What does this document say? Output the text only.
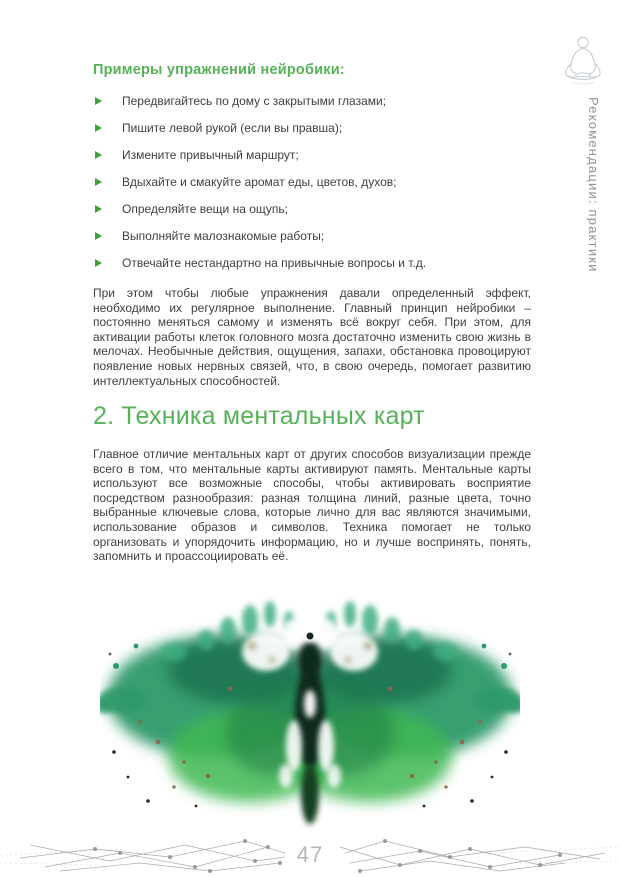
Примеры упражнений нейробики:
Передвигайтесь по дому с закрытыми глазами;
Пишите левой рукой (если вы правша);
Измените привычный маршрут;
Вдыхайте и смакуйте аромат еды, цветов, духов;
Определяйте вещи на ощупь;
Выполняйте малознакомые работы;
Отвечайте нестандартно на привычные вопросы и т.д.

При этом чтобы любые упражнения давали определенный эффект, необходимо их регулярное выполнение. Главный принцип нейробики – постоянно меняться самому и изменять всё вокруг себя. При этом, для активации работы клеток головного мозга достаточно изменить свою жизнь в мелочах. Необычные действия, ощущения, запахи, обстановка провоцируют появление новых нервных связей, что, в свою очередь, помогает развитию интеллектуальных способностей.

2. Техника ментальных карт

Главное отличие ментальных карт от других способов визуализации прежде всего в том, что ментальные карты активируют память. Ментальные карты используют все возможные способы, чтобы активировать восприятие посредством разнообразия: разная толщина линий, разные цвета, точно выбранные ключевые слова, которые лично для вас являются значимыми, использование образов и символов. Техника помогает не только организовать и упорядочить информацию, но и лучше воспринять, понять, запомнить и проассоциировать её.

Рекомендации: практики
47
